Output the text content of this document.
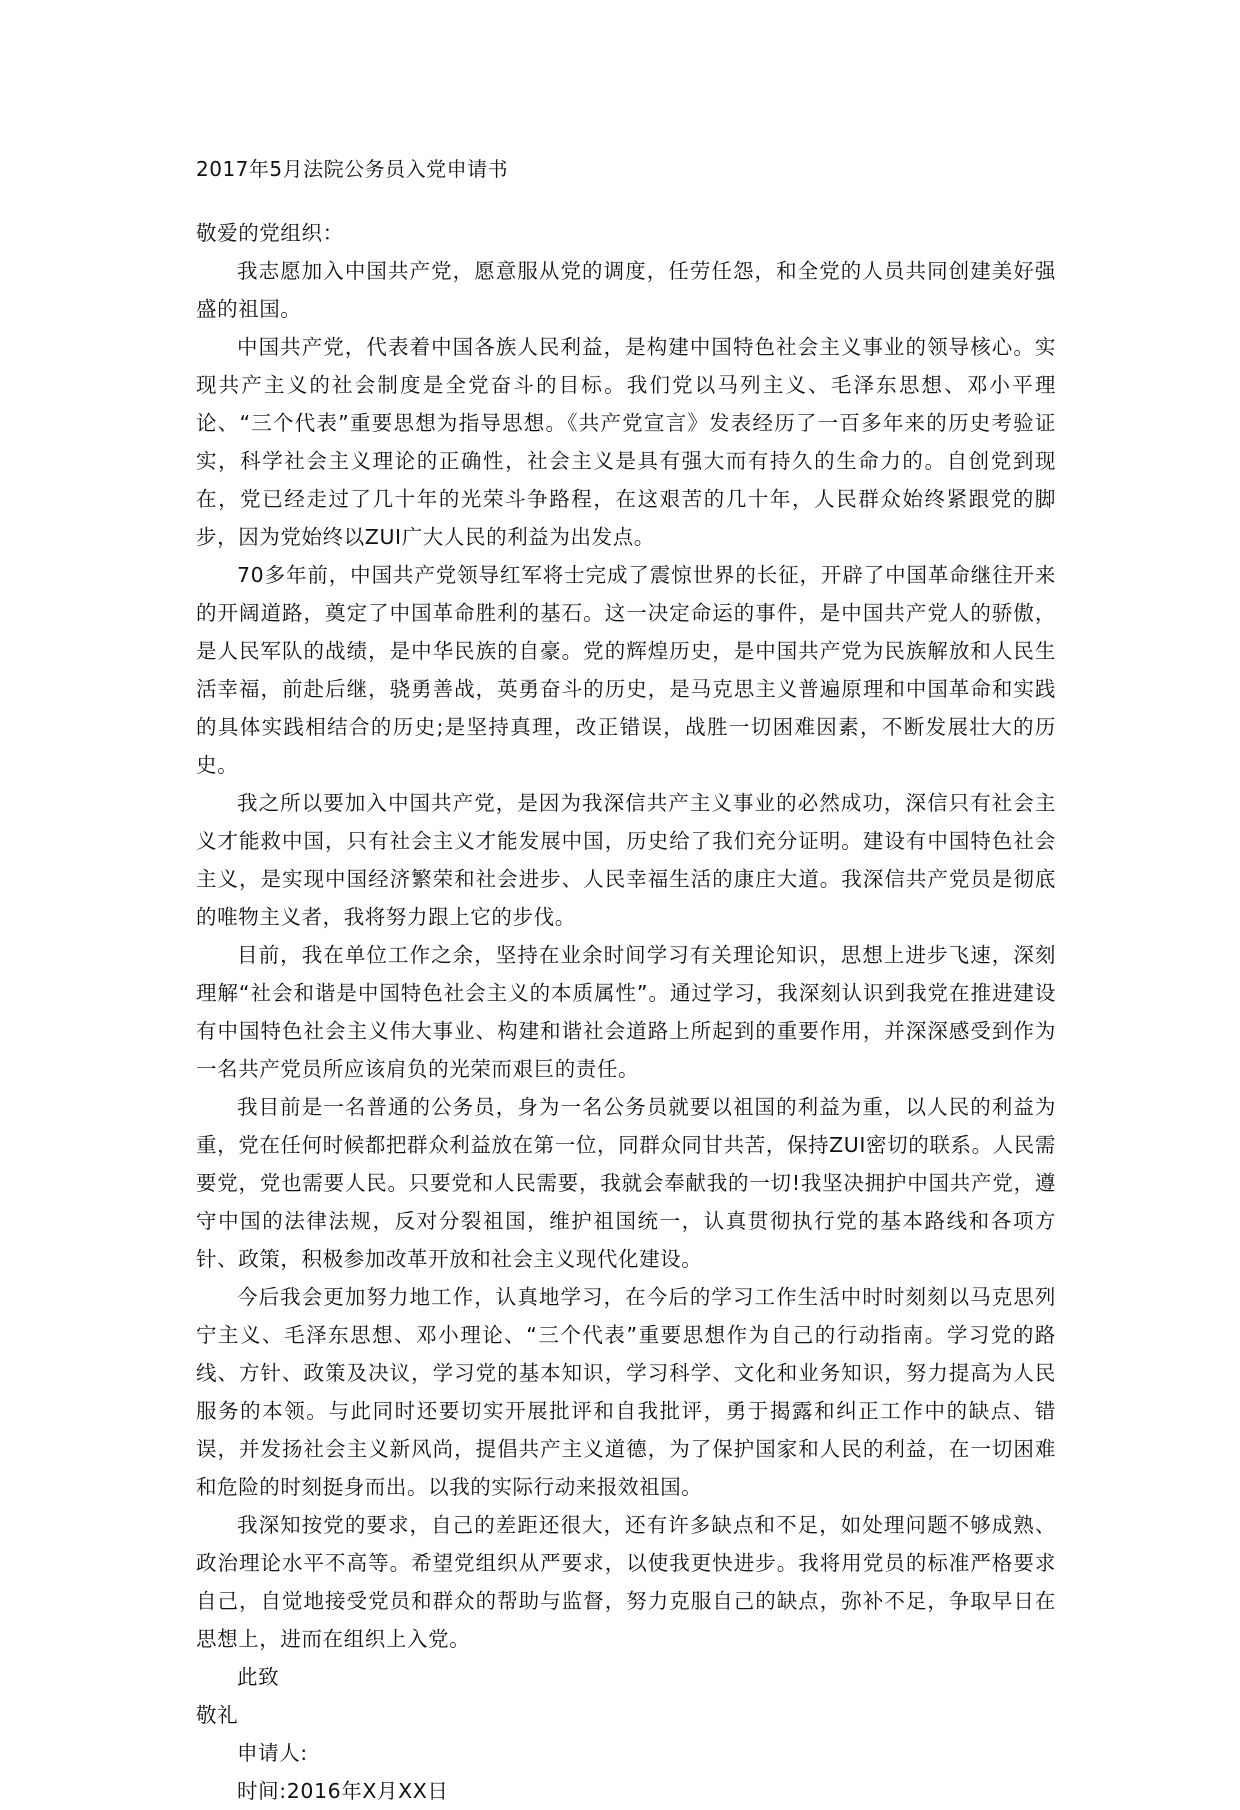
2017年5月法院公务员入党申请书

敬爱的党组织：

我志愿加入中国共产党，愿意服从党的调度，任劳任怨，和全党的人员共同创建美好强盛的祖国。

中国共产党，代表着中国各族人民利益，是构建中国特色社会主义事业的领导核心。实现共产主义的社会制度是全党奋斗的目标。我们党以马列主义、毛泽东思想、邓小平理论、“三个代表”重要思想为指导思想。《共产党宣言》发表经历了一百多年来的历史考验证实，科学社会主义理论的正确性，社会主义是具有强大而有持久的生命力的。自创党到现在，党已经走过了几十年的光荣斗争路程，在这艰苦的几十年，人民群众始终紧跟党的脚步，因为党始终以ZUI广大人民的利益为出发点。

70多年前，中国共产党领导红军将士完成了震惊世界的长征，开辟了中国革命继往开来的开阔道路，奠定了中国革命胜利的基石。这一决定命运的事件，是中国共产党人的骄傲，是人民军队的战绩，是中华民族的自豪。党的辉煌历史，是中国共产党为民族解放和人民生活幸福，前赴后继，骁勇善战，英勇奋斗的历史，是马克思主义普遍原理和中国革命和实践的具体实践相结合的历史;是坚持真理，改正错误，战胜一切困难因素，不断发展壮大的历史。

我之所以要加入中国共产党，是因为我深信共产主义事业的必然成功，深信只有社会主义才能救中国，只有社会主义才能发展中国，历史给了我们充分证明。建设有中国特色社会主义，是实现中国经济繁荣和社会进步、人民幸福生活的康庄大道。我深信共产党员是彻底的唯物主义者，我将努力跟上它的步伐。

目前，我在单位工作之余，坚持在业余时间学习有关理论知识，思想上进步飞速，深刻理解“社会和谐是中国特色社会主义的本质属性”。通过学习，我深刻认识到我党在推进建设有中国特色社会主义伟大事业、构建和谐社会道路上所起到的重要作用，并深深感受到作为一名共产党员所应该肩负的光荣而艰巨的责任。

我目前是一名普通的公务员，身为一名公务员就要以祖国的利益为重，以人民的利益为重，党在任何时候都把群众利益放在第一位，同群众同甘共苦，保持ZUI密切的联系。人民需要党，党也需要人民。只要党和人民需要，我就会奉献我的一切!我坚决拥护中国共产党，遵守中国的法律法规，反对分裂祖国，维护祖国统一，认真贯彻执行党的基本路线和各项方针、政策，积极参加改革开放和社会主义现代化建设。

今后我会更加努力地工作，认真地学习，在今后的学习工作生活中时时刻刻以马克思列宁主义、毛泽东思想、邓小理论、“三个代表”重要思想作为自己的行动指南。学习党的路线、方针、政策及决议，学习党的基本知识，学习科学、文化和业务知识，努力提高为人民服务的本领。与此同时还要切实开展批评和自我批评，勇于揭露和纠正工作中的缺点、错误，并发扬社会主义新风尚，提倡共产主义道德，为了保护国家和人民的利益，在一切困难和危险的时刻挺身而出。以我的实际行动来报效祖国。

我深知按党的要求，自己的差距还很大，还有许多缺点和不足，如处理问题不够成熟、政治理论水平不高等。希望党组织从严要求，以使我更快进步。我将用党员的标准严格要求自己，自觉地接受党员和群众的帮助与监督，努力克服自己的缺点，弥补不足，争取早日在思想上，进而在组织上入党。

此致

敬礼

申请人:

时间:2016年X月XX日
